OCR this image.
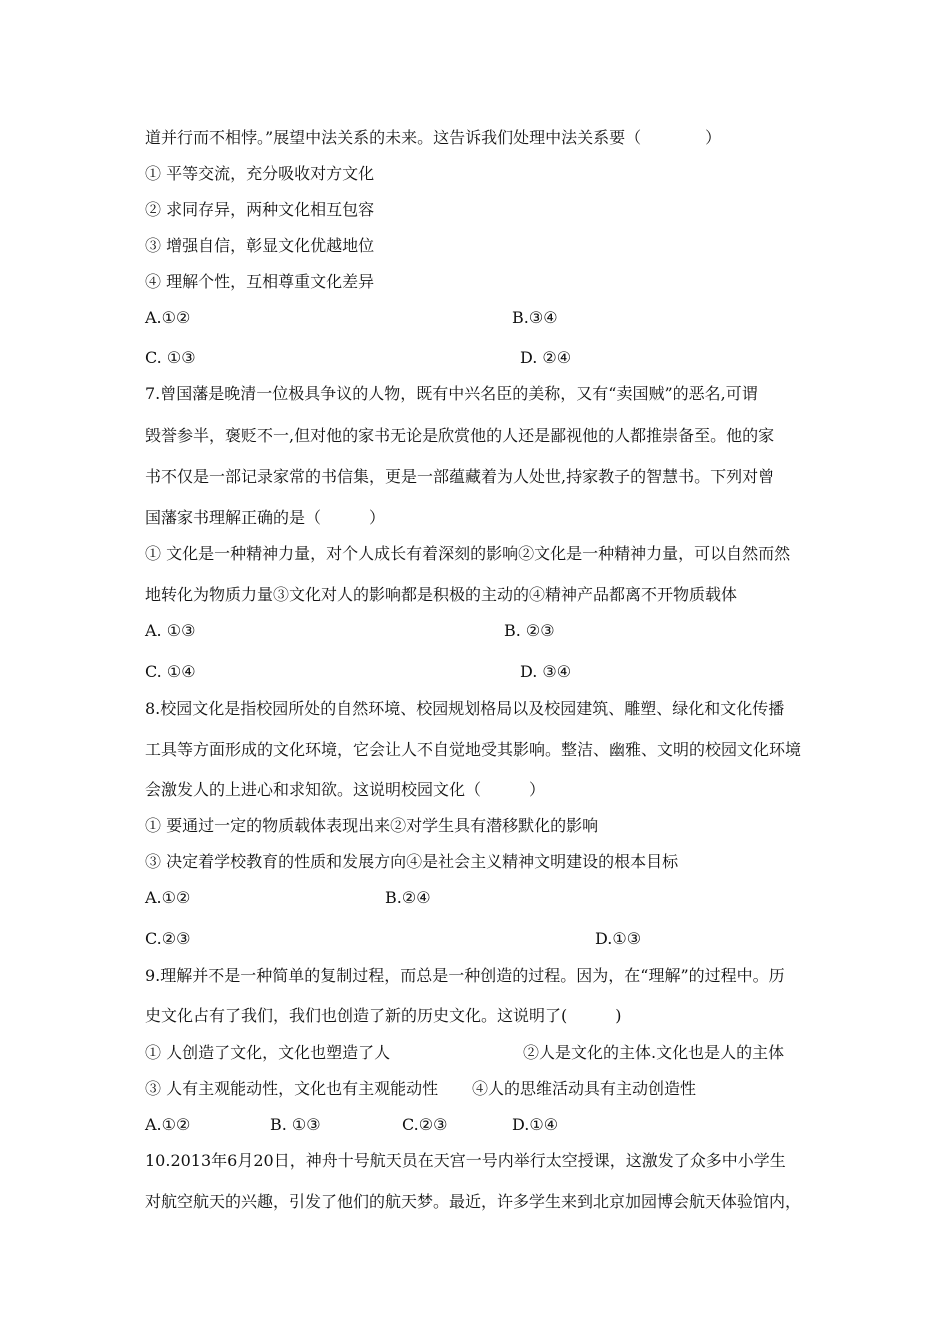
道并行而不相悖。”展望中法关系的未来。这告诉我们处理中法关系要（　　　　）
① 平等交流，充分吸收对方文化
② 求同存异，两种文化相互包容
③ 增强自信，彰显文化优越地位
④ 理解个性，互相尊重文化差异
A.①②	B.③④
C. ①③	D. ②④
7.曾国藩是晚清一位极具争议的人物，既有中兴名臣的美称，又有“卖国贼”的恶名,可谓
毁誉参半，褒贬不一,但对他的家书无论是欣赏他的人还是鄙视他的人都推崇备至。他的家
书不仅是一部记录家常的书信集，更是一部蕴藏着为人处世,持家教子的智慧书。下列对曾
国藩家书理解正确的是（　　　）
① 文化是一种精神力量，对个人成长有着深刻的影响②文化是一种精神力量，可以自然而然
地转化为物质力量③文化对人的影响都是积极的主动的④精神产品都离不开物质载体
A. ①③	B. ②③
C. ①④	D. ③④
8.校园文化是指校园所处的自然环境、校园规划格局以及校园建筑、雕塑、绿化和文化传播
工具等方面形成的文化环境，它会让人不自觉地受其影响。整洁、幽雅、文明的校园文化环境
会激发人的上进心和求知欲。这说明校园文化（　　　）
① 要通过一定的物质载体表现出来②对学生具有潜移默化的影响
③ 决定着学校教育的性质和发展方向④是社会主义精神文明建设的根本目标
A.①②	B.②④
C.②③	D.①③
9.理解并不是一种简单的复制过程，而总是一种创造的过程。因为，在“理解”的过程中。历
史文化占有了我们，我们也创造了新的历史文化。这说明了(　　　)
① 人创造了文化，文化也塑造了人	②人是文化的主体.文化也是人的主体
③ 人有主观能动性，文化也有主观能动性 ④人的思维活动具有主动创造性
A.①②	B. ①③	C.②③	D.①④
10.2013年6月20日，神舟十号航天员在天宫一号内举行太空授课，这激发了众多中小学生
对航空航天的兴趣，引发了他们的航天梦。最近，许多学生来到北京加园博会航天体验馆内，
